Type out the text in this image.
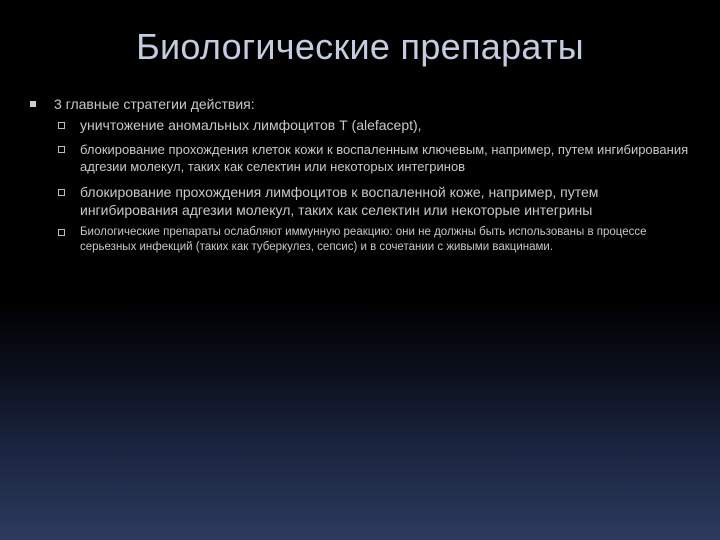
Биологические препараты
3 главные стратегии действия:
уничтожение аномальных лимфоцитов Т (alefacept),
блокирование прохождения клеток кожи к воспаленным ключевым, например, путем ингибирования адгезии молекул, таких как селектин или некоторых интегринов
блокирование прохождения лимфоцитов к воспаленной коже, например, путем ингибирования адгезии молекул, таких как селектин или некоторые интегрины
Биологические препараты ослабляют иммунную реакцию: они не должны быть использованы в процессе серьезных инфекций (таких как туберкулез, сепсис) и в сочетании с живыми вакцинами.
